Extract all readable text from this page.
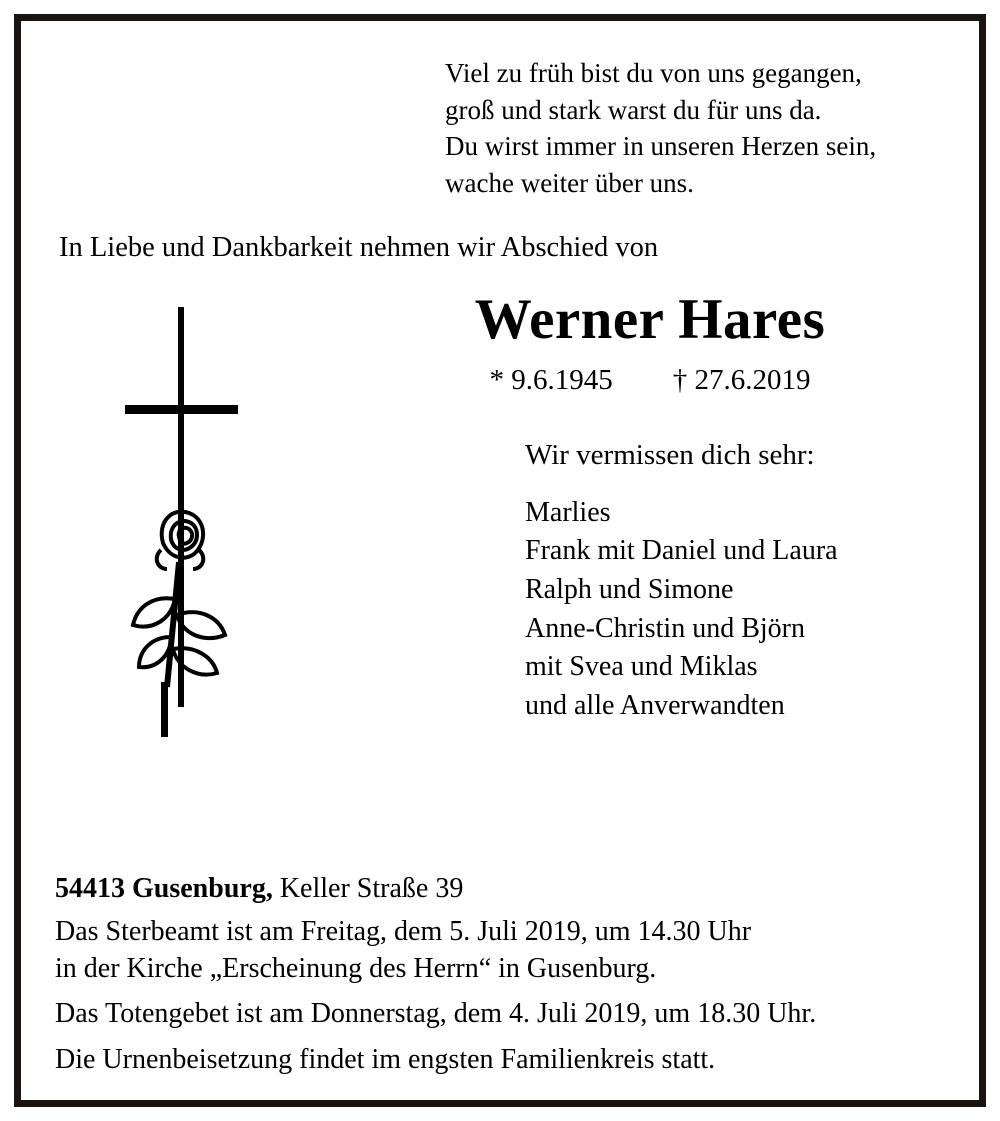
Viel zu früh bist du von uns gegangen,
groß und stark warst du für uns da.
Du wirst immer in unseren Herzen sein,
wache weiter über uns.
In Liebe und Dankbarkeit nehmen wir Abschied von
Werner Hares
* 9.6.1945 † 27.6.2019
Wir vermissen dich sehr:
Marlies
Frank mit Daniel und Laura
Ralph und Simone
Anne-Christin und Björn
mit Svea und Miklas
und alle Anverwandten
54413 Gusenburg, Keller Straße 39

Das Sterbeamt ist am Freitag, dem 5. Juli 2019, um 14.30 Uhr

in der Kirche „Erscheinung des Herrn“ in Gusenburg.

Das Totengebet ist am Donnerstag, dem 4. Juli 2019, um 18.30 Uhr.

Die Urnenbeisetzung findet im engsten Familienkreis statt.
